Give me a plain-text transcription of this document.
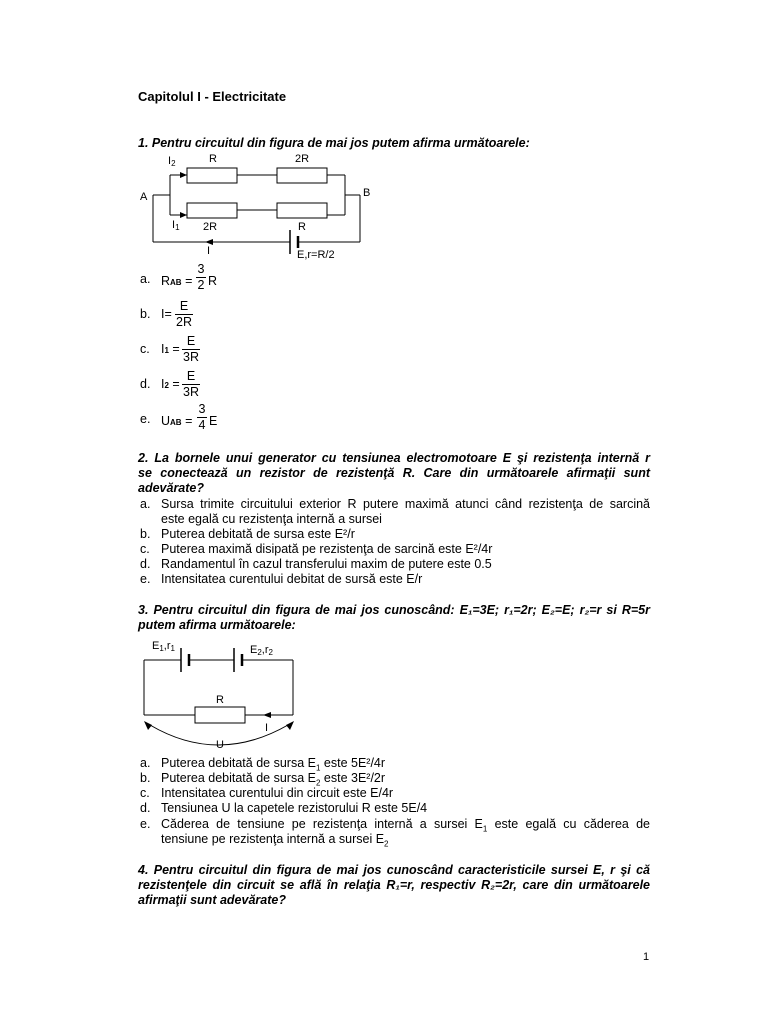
Capitolul I - Electricitate
1. Pentru circuitul din figura de mai jos putem afirma următoarele:
I2	R	2R
A	B
I1 2R	R
I	E,r=R/2
a. RAB =
3
2 R
b. I=
E
2R
c. I1 =
E
3R
d. I2 =
E
3R
e. UAB =
3
4 E
2. La bornele unui generator cu tensiunea electromotoare E şi rezistenţa internă r
se conectează un rezistor de rezistenţă R. Care din următoarele afirmaţii sunt
adevărate?
a. Sursa trimite circuitului exterior R putere maximă atunci când rezistenţa de sarcină
este egală cu rezistenţa internă a sursei
b. Puterea debitată de sursa este E²/r
c. Puterea maximă disipată pe rezistenţa de sarcină este E²/4r
d. Randamentul în cazul transferului maxim de putere este 0.5
e. Intensitatea curentului debitat de sursă este E/r
3. Pentru circuitul din figura de mai jos cunoscând: E₁=3E; r₁=2r; E₂=E; r₂=r si R=5r
putem afirma următoarele:
E1,r1	E2,r2
R
I
U
a. Puterea debitată de sursa $E_1$ este 5E²/4r
b. Puterea debitată de sursa $E_2$ este 3E²/2r
c. Intensitatea curentului din circuit este E/4r
d. Tensiunea U la capetele rezistorului R este 5E/4
e. Căderea de tensiune pe rezistenţa internă a sursei $E_1$ este egală cu căderea de
tensiune pe rezistenţa internă a sursei $E_2$
4. Pentru circuitul din figura de mai jos cunoscând caracteristicile sursei E, r şi că
rezistenţele din circuit se află în relaţia R₁=r, respectiv R₂=2r, care din următoarele
afirmaţii sunt adevărate?
1
